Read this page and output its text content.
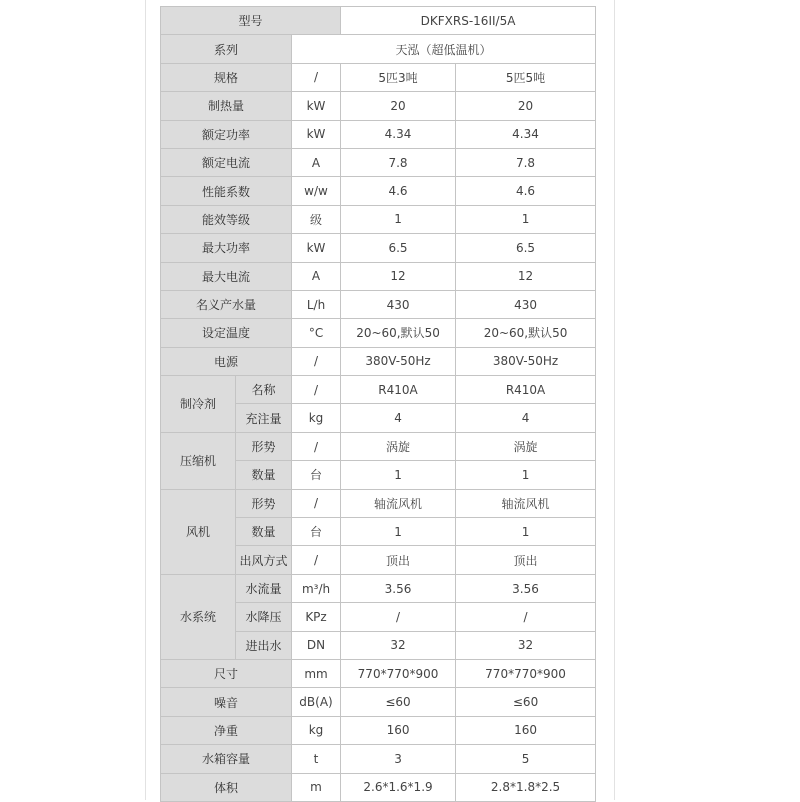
型号			DKFXRS-16II/5A	
系列		天泓（超低温机）		
规格		/	5匹3吨	5匹5吨
制热量		kW	20	20
额定功率		kW	4.34	4.34
额定电流		A	7.8	7.8
性能系数		w/w	4.6	4.6
能效等级		级	1	1
最大功率		kW	6.5	6.5
最大电流		A	12	12
名义产水量		L/h	430	430
设定温度		°C	20~60,默认50	20~60,默认50
电源		/	380V-50Hz	380V-50Hz
制冷剂	名称	/	R410A	R410A
	充注量	kg	4	4
压缩机	形势	/	涡旋	涡旋
	数量	台	1	1
风机	形势	/	轴流风机	轴流风机
	数量	台	1	1
	出风方式	/	顶出	顶出
水系统	水流量	m³/h	3.56	3.56
	水降压	KPz	/	/
	进出水	DN	32	32
尺寸		mm	770*770*900	770*770*900
噪音		dB(A)	≤60	≤60
净重		kg	160	160
水箱容量		t	3	5
体积		m	2.6*1.6*1.9	2.8*1.8*2.5
